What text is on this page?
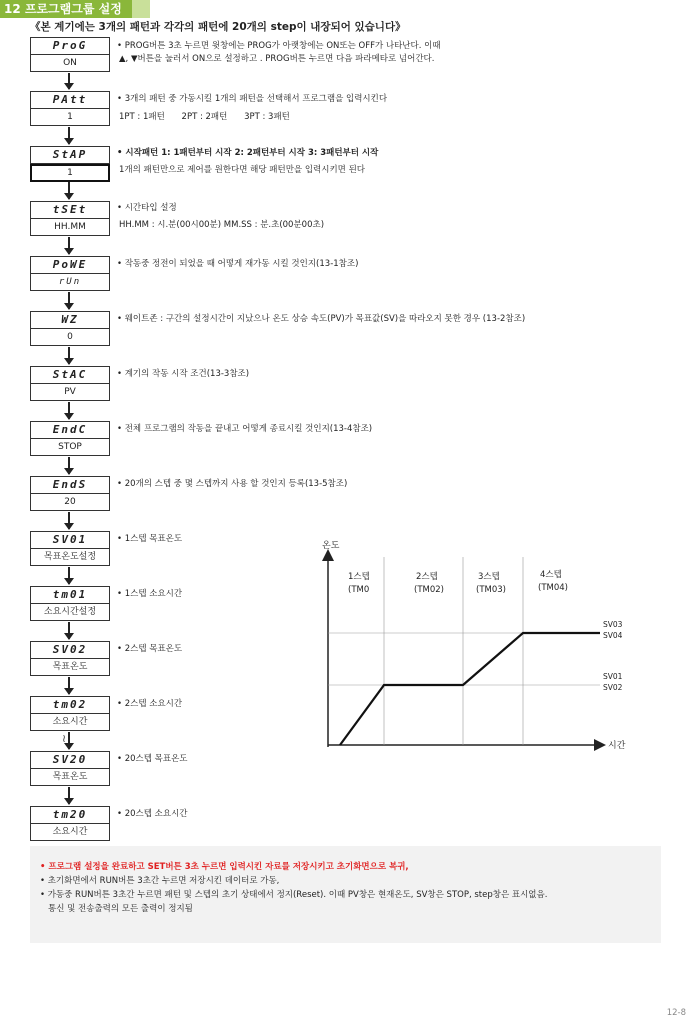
12 프로그램그룹 설정
《본 계기에는 3개의 패턴과 각각의 패턴에 20개의 step이 내장되어 있습니다》
ProG
ON
PAtt
1
StAP
1
tSEt
HH.MM
PoWE
rUn
WZ
0
StAC
PV
EndC
STOP
EndS
20
SV01
목표온도설정
tm01
소요시간설정
SV02
목표온도
tm02
소요시간
≀
SV20
목표온도
tm20
소요시간
• PROG버튼 3초 누르면 윗창에는 PROG가 아랫창에는 ON또는 OFF가 나타난다. 이때
▲, ▼버튼을 눌러서 ON으로 설정하고 . PROG버튼 누르면 다음 파라메타로 넘어간다.
• 3개의 패턴 중 가동시킬 1개의 패턴을 선택해서 프로그램을 입력시킨다
1PT : 1패턴 2PT : 2패턴 3PT : 3패턴
• 시작패턴 1: 1패턴부터 시작 2: 2패턴부터 시작 3: 3패턴부터 시작
1개의 패턴만으로 제어를 원한다면 해당 패턴만을 입력시키면 된다
• 시간타입 설정
HH.MM : 시.분(00시00분) MM.SS : 분.초(00분00초)
• 작동중 정전이 되었을 때 어떻게 재가동 시킬 것인지(13-1참조)
• 웨이트존 : 구간의 설정시간이 지났으나 온도 상승 속도(PV)가 목표값(SV)을 따라오지 못한 경우 (13-2참조)
• 계기의 작동 시작 조건(13-3참조)
• 전체 프로그램의 작동을 끝내고 어떻게 종료시킬 것인지(13-4참조)
• 20개의 스텝 중 몇 스텝까지 사용 할 것인지 등록(13-5참조)
• 1스텝 목표온도
• 1스텝 소요시간
• 2스텝 목표온도
• 2스텝 소요시간
• 20스텝 목표온도
• 20스텝 소요시간
온도
시간
1스텝
(TM0
2스텝
(TM02)
3스텝
(TM03)
4스텝
(TM04)
SV03
SV04
SV01
SV02

• 프로그램 설정을 완료하고 SET버튼 3초 누르면 입력시킨 자료를 저장시키고 초기화면으로 복귀,

• 초기화면에서 RUN버튼 3초간 누르면 저장시킨 데이터로 가동,

• 가동중 RUN버튼 3초간 누르면 패턴 및 스텝의 초기 상태에서 정지(Reset). 이때 PV창은 현재온도, SV창은 STOP, step창은 표시없음.

통신 및 전송출력의 모든 출력이 정지됨

12-8
